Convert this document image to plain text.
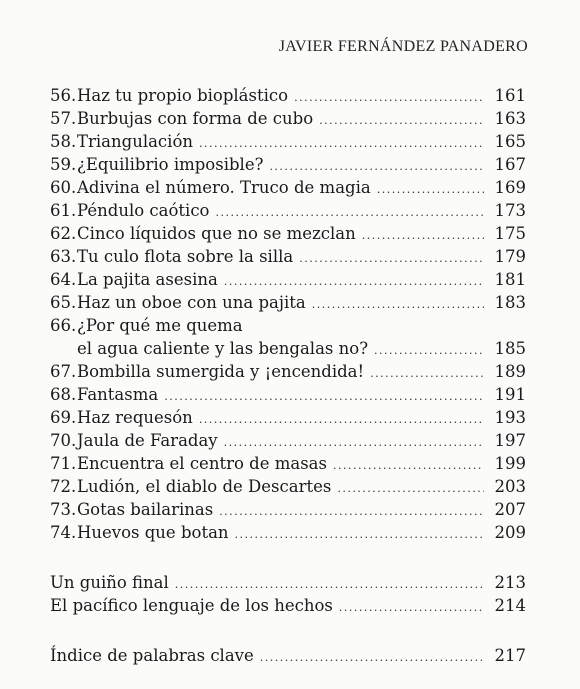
JAVIER FERNÁNDEZ PANADERO
56. Haz tu propio bioplástico .....	161
57. Burbujas con forma de cubo .....	163
58. Triangulación .....	165
59. ¿Equilibrio imposible? .....	167
60. Adivina el número. Truco de magia .....	169
61. Péndulo caótico .....	173
62. Cinco líquidos que no se mezclan .....	175
63. Tu culo flota sobre la silla .....	179
64. La pajita asesina .....	181
65. Haz un oboe con una pajita .....	183
66. ¿Por qué me quema
el agua caliente y las bengalas no? .....	185
67. Bombilla sumergida y ¡encendida! .....	189
68. Fantasma .....	191
69. Haz requesón .....	193
70. Jaula de Faraday .....	197
71. Encuentra el centro de masas .....	199
72. Ludión, el diablo de Descartes .....	203
73. Gotas bailarinas .....	207
74. Huevos que botan .....	209
Un guiño final .....	213
El pacífico lenguaje de los hechos .....	214
Índice de palabras clave .....	217
